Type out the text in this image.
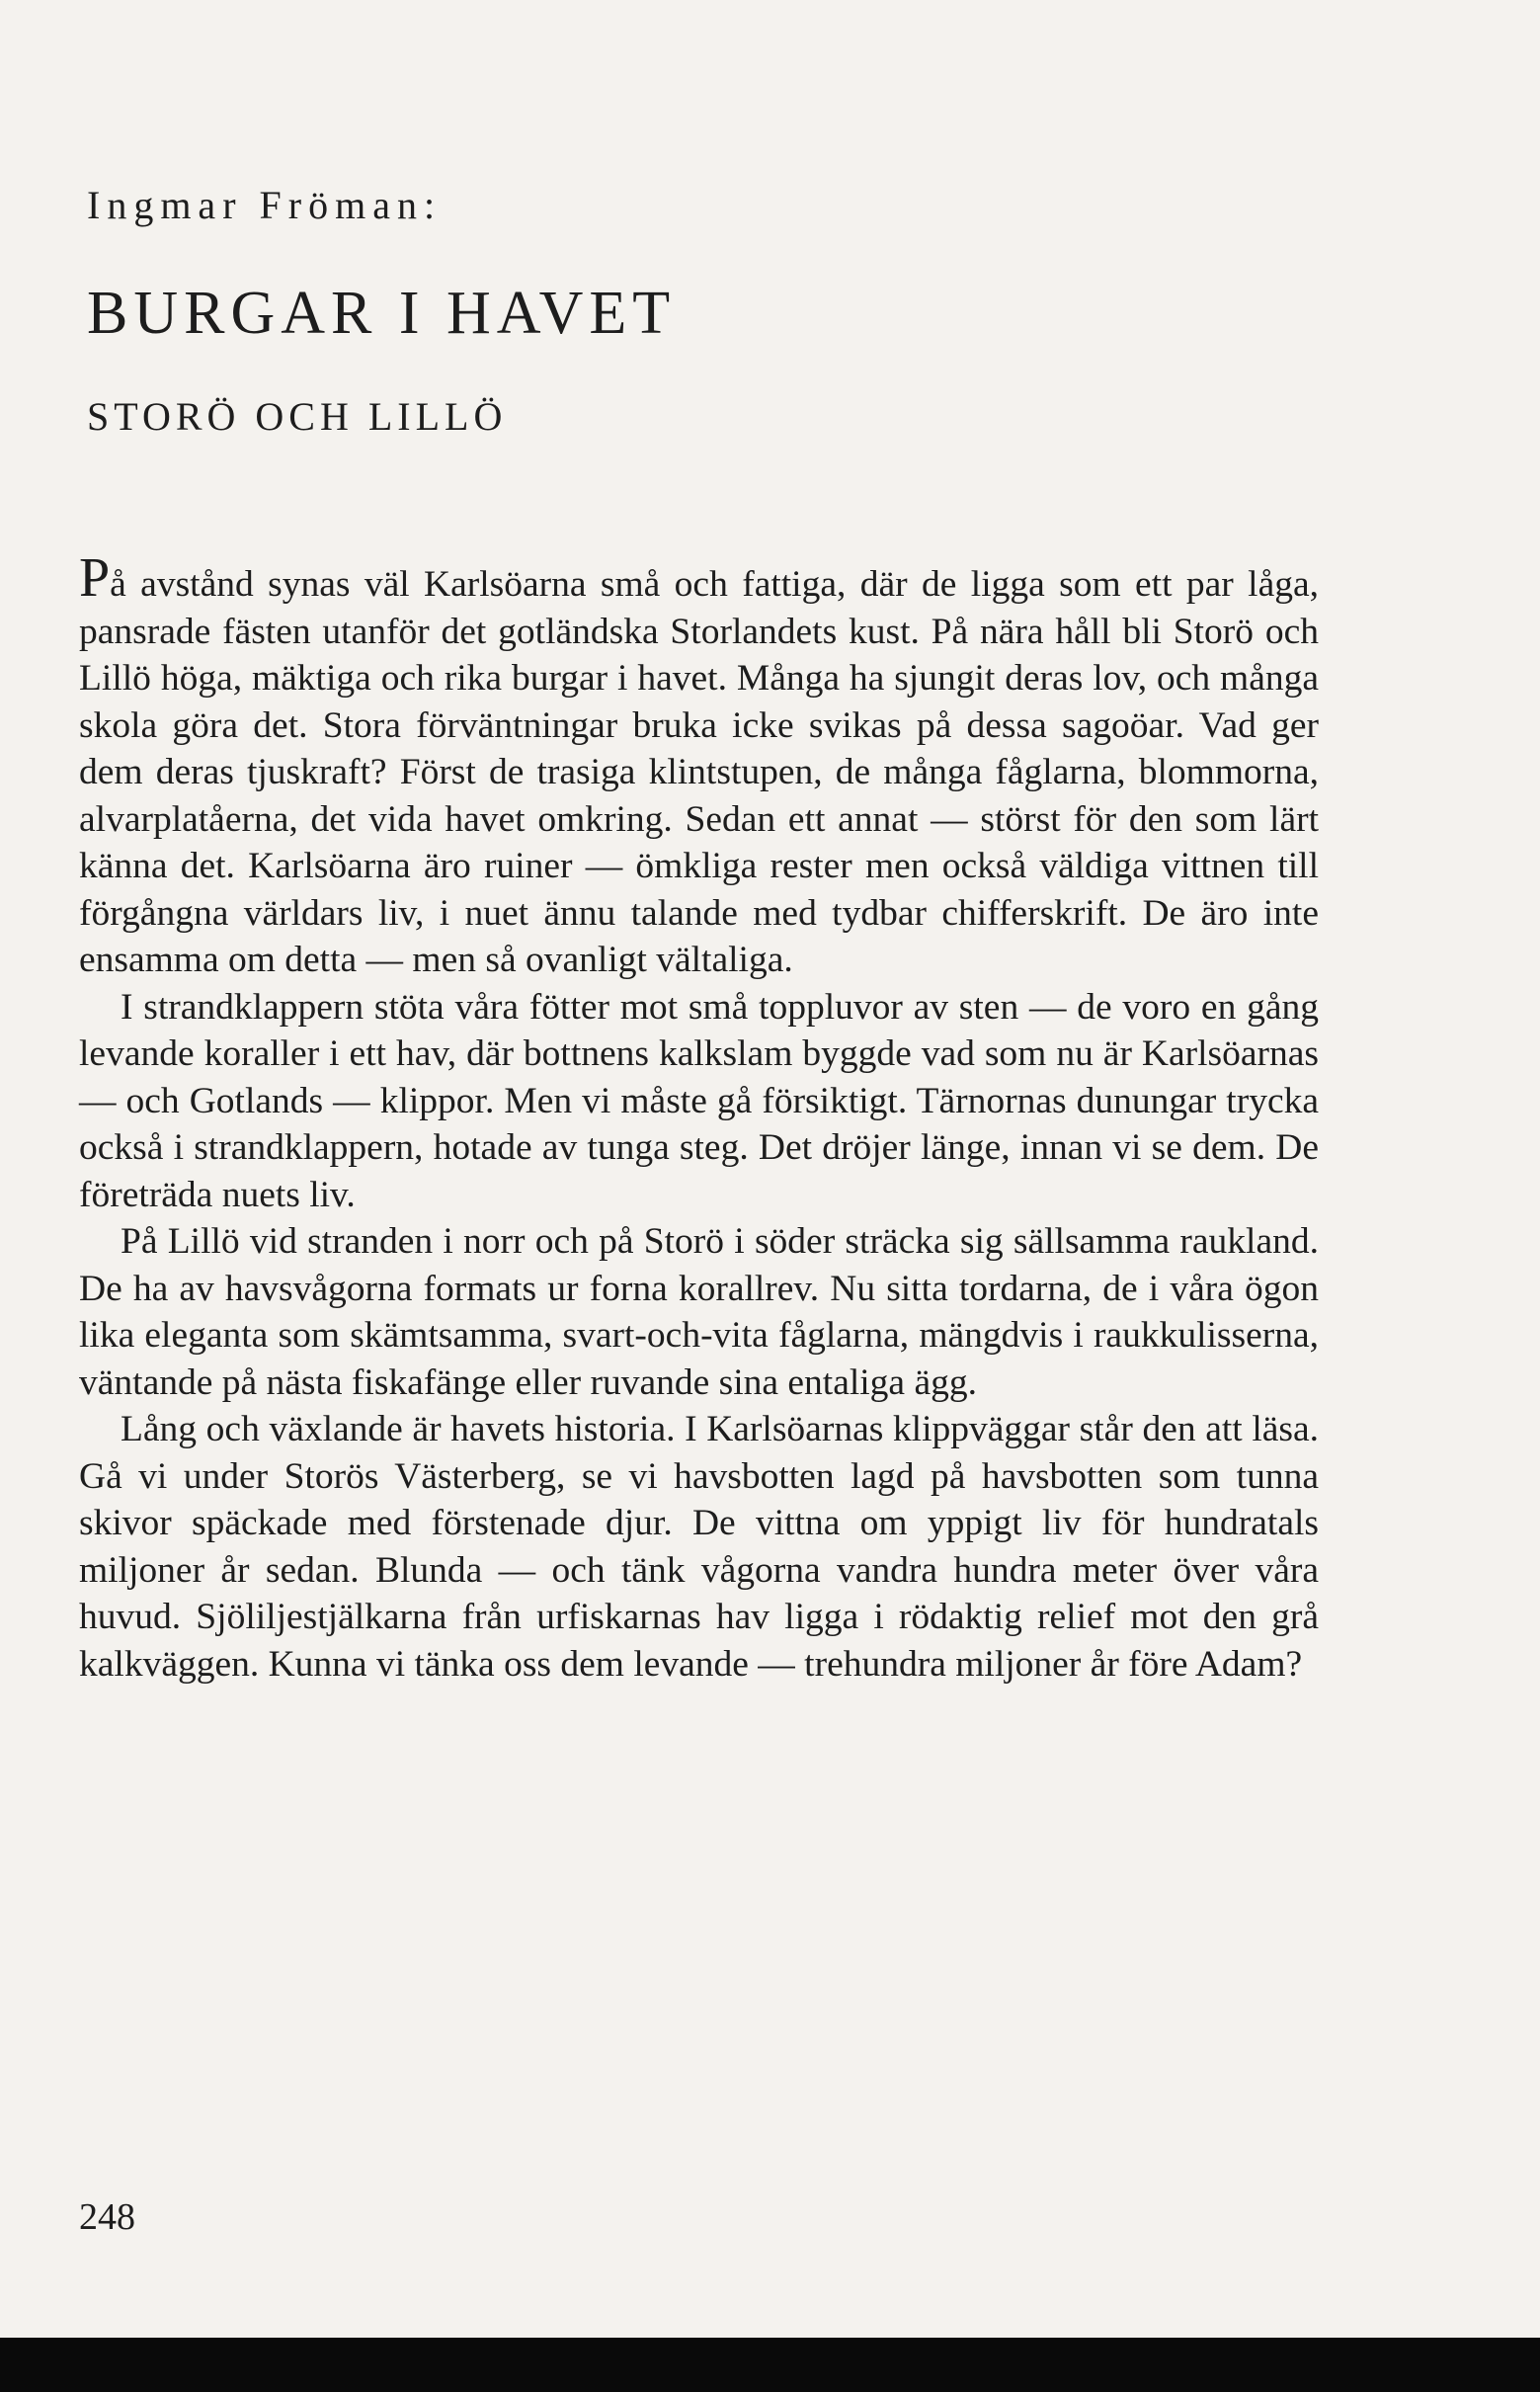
Ingmar Fröman:
BURGAR I HAVET
STORÖ OCH LILLÖ

På avstånd synas väl Karlsöarna små och fattiga, där de ligga som ett par låga, pansrade fästen utanför det gotländska Storlandets kust. På nära håll bli Storö och Lillö höga, mäktiga och rika burgar i havet. Många ha sjungit deras lov, och många skola göra det. Stora förväntningar bruka icke svikas på dessa sagoöar. Vad ger dem deras tjuskraft? Först de trasiga klintstupen, de många fåglarna, blommorna, alvarplatåerna, det vida havet omkring. Sedan ett annat — störst för den som lärt känna det. Karlsöarna äro ruiner — ömkliga rester men också väldiga vittnen till förgångna världars liv, i nuet ännu talande med tydbar chifferskrift. De äro inte ensamma om detta — men så ovanligt vältaliga.

I strandklappern stöta våra fötter mot små toppluvor av sten — de voro en gång levande koraller i ett hav, där bottnens kalkslam byggde vad som nu är Karlsöarnas — och Gotlands — klippor. Men vi måste gå försiktigt. Tärnornas dunungar trycka också i strandklappern, hotade av tunga steg. Det dröjer länge, innan vi se dem. De företräda nuets liv.

På Lillö vid stranden i norr och på Storö i söder sträcka sig sällsamma raukland. De ha av havsvågorna formats ur forna korallrev. Nu sitta tordarna, de i våra ögon lika eleganta som skämtsamma, svart-och-vita fåglarna, mängdvis i raukkulisserna, väntande på nästa fiskafänge eller ruvande sina entaliga ägg.

Lång och växlande är havets historia. I Karlsöarnas klippväggar står den att läsa. Gå vi under Storös Västerberg, se vi havsbotten lagd på havsbotten som tunna skivor späckade med förstenade djur. De vittna om yppigt liv för hundratals miljoner år sedan. Blunda — och tänk vågorna vandra hundra meter över våra huvud. Sjöliljestjälkarna från urfiskarnas hav ligga i rödaktig relief mot den grå kalkväggen. Kunna vi tänka oss dem levande — trehundra miljoner år före Adam?

248
